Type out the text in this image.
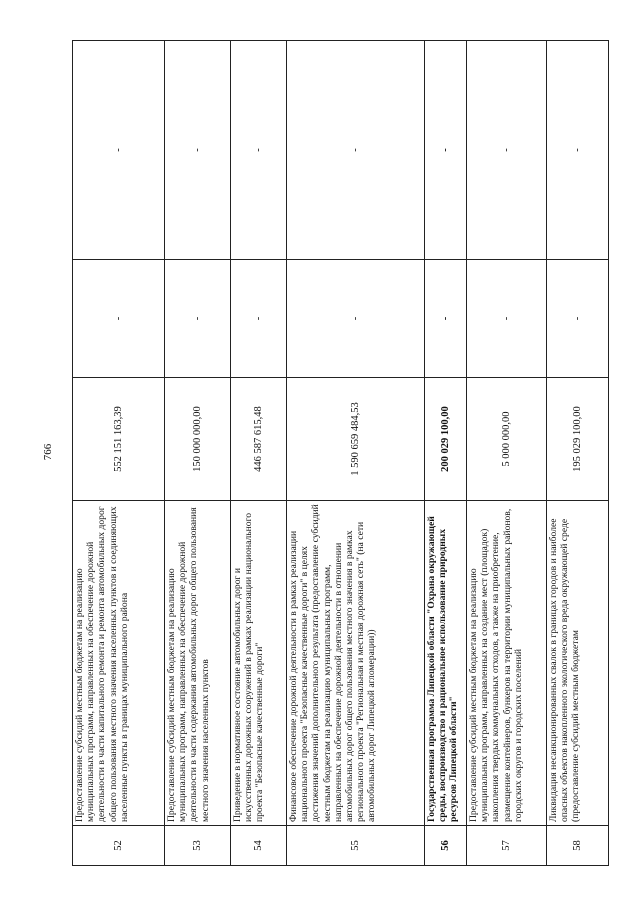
766
52	Предоставление субсидий местным бюджетам на реализацию муниципальных программ, направленных на обеспечение дорожной деятельности в части капитального ремонта и ремонта автомобильных дорог общего пользования местного значения населенных пунктов и соединяющих населенные пункты в границах муниципального района	552 151 163,39	-	-
53	Предоставление субсидий местным бюджетам на реализацию муниципальных программ, направленных на обеспечение дорожной деятельности в части содержания автомобильных дорог общего пользования местного значения населенных пунктов	150 000 000,00	-	-
54	Приведение в нормативное состояние автомобильных дорог и искусственных дорожных сооружений в рамках реализации национального проекта "Безопасные качественные дороги"	446 587 615,48	-	-
55	Финансовое обеспечение дорожной деятельности в рамках реализации национального проекта "Безопасные качественные дороги" в целях достижения значений дополнительного результата (предоставление субсидий местным бюджетам на реализацию муниципальных программ, направленных на обеспечение дорожной деятельности в отношении автомобильных дорог общего пользования местного значения в рамках регионального проекта "Региональная и местная дорожная сеть" (на сети автомобильных дорог Липецкой агломерации))	1 590 659 484,53	-	-
56	Государственная программа Липецкой области "Охрана окружающей среды, воспроизводство и рациональное использование природных ресурсов Липецкой области"	200 029 100,00	-	-
57	Предоставление субсидий местным бюджетам на реализацию муниципальных программ, направленных на создание мест (площадок) накопления твердых коммунальных отходов, а также на приобретение, размещение контейнеров, бункеров на территории муниципальных районов, городских округов и городских поселений	5 000 000,00	-	-
58	Ликвидация несанкционированных свалок в границах городов и наиболее опасных объектов накопленного экологического вреда окружающей среде (предоставление субсидий местным бюджетам	195 029 100,00	-	-
